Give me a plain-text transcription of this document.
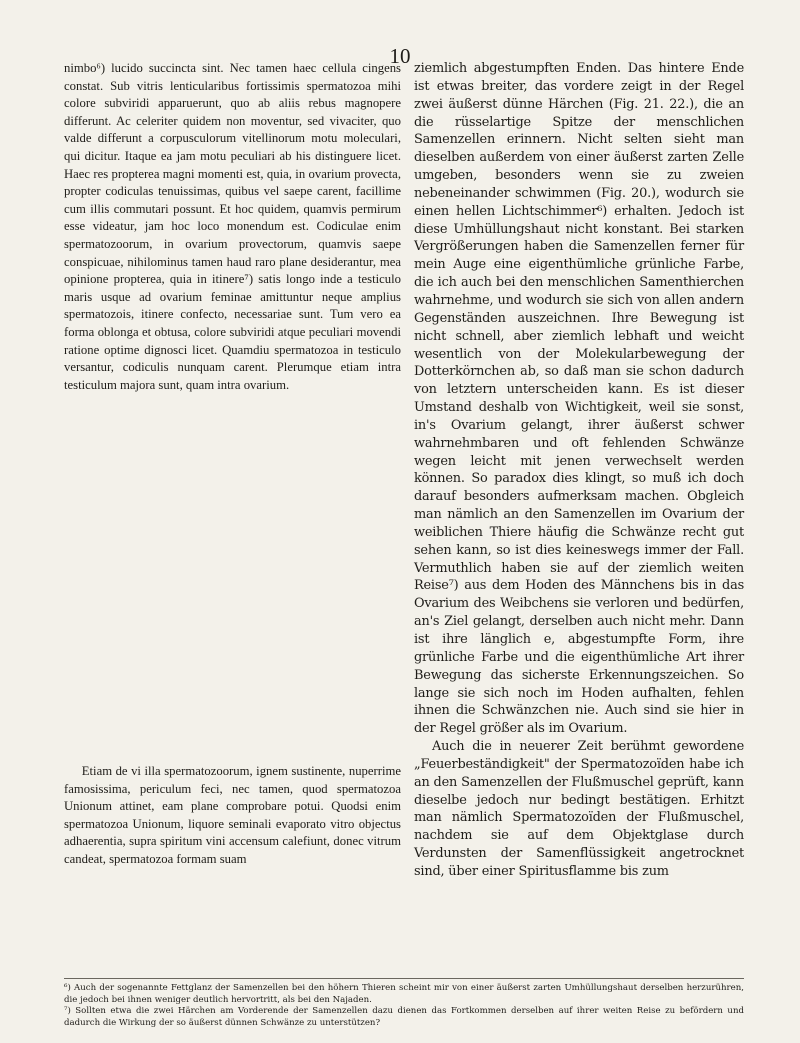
10

nimbo⁶) lucido succincta sint. Nec tamen haec cellula cingens constat. Sub vitris lenticularibus fortissimis spermatozoa mihi colore subviridi apparuerunt, quo ab aliis rebus magnopere differunt. Ac celeriter quidem non moventur, sed vivaciter, quo valde differunt a corpusculorum vitellinorum motu moleculari, qui dicitur. Itaque ea jam motu peculiari ab his distinguere licet. Haec res propterea magni momenti est, quia, in ovarium provecta, propter codiculas tenuissimas, quibus vel saepe carent, facillime cum illis commutari possunt. Et hoc quidem, quamvis permirum esse videatur, jam hoc loco monendum est. Codiculae enim spermatozoorum, in ovarium provectorum, quamvis saepe conspicuae, nihilominus tamen haud raro plane desiderantur, mea opinione propterea, quia in itinere⁷) satis longo inde a testiculo maris usque ad ovarium feminae amittuntur neque amplius spermatozois, itinere confecto, necessariae sunt. Tum vero ea forma oblonga et obtusa, colore subviridi atque peculiari movendi ratione optime dignosci licet. Quamdiu spermatozoa in testiculo versantur, codiculis nunquam carent. Plerumque etiam intra testiculum majora sunt, quam intra ovarium.

Etiam de vi illa spermatozoorum, ignem sustinente, nuperrime famosissima, periculum feci, nec tamen, quod spermatozoa Unionum attinet, eam plane comprobare potui. Quodsi enim spermatozoa Unionum, liquore seminali evaporato vitro objectus adhaerentia, supra spiritum vini accensum calefiunt, donec vitrum candeat, spermatozoa formam suam

ziemlich abgestumpften Enden. Das hintere Ende ist etwas breiter, das vordere zeigt in der Regel zwei äußerst dünne Härchen (Fig. 21. 22.), die an die rüsselartige Spitze der menschlichen Samenzellen erinnern. Nicht selten sieht man dieselben außerdem von einer äußerst zarten Zelle umgeben, besonders wenn sie zu zweien nebeneinander schwimmen (Fig. 20.), wodurch sie einen hellen Lichtschimmer⁶) erhalten. Jedoch ist diese Umhüllungshaut nicht konstant. Bei starken Vergrößerungen haben die Samenzellen ferner für mein Auge eine eigenthümliche grünliche Farbe, die ich auch bei den menschlichen Samenthierchen wahrnehme, und wodurch sie sich von allen andern Gegenständen auszeichnen. Ihre Bewegung ist nicht schnell, aber ziemlich lebhaft und weicht wesentlich von der Molekularbewegung der Dotterkörnchen ab, so daß man sie schon dadurch von letztern unterscheiden kann. Es ist dieser Umstand deshalb von Wichtigkeit, weil sie sonst, in's Ovarium gelangt, ihrer äußerst schwer wahrnehmbaren und oft fehlenden Schwänze wegen leicht mit jenen verwechselt werden können. So paradox dies klingt, so muß ich doch darauf besonders aufmerksam machen. Obgleich man nämlich an den Samenzellen im Ovarium der weiblichen Thiere häufig die Schwänze recht gut sehen kann, so ist dies keineswegs immer der Fall. Vermuthlich haben sie auf der ziemlich weiten Reise⁷) aus dem Hoden des Männchens bis in das Ovarium des Weibchens sie verloren und bedürfen, an's Ziel gelangt, derselben auch nicht mehr. Dann ist ihre länglich e, abgestumpfte Form, ihre grünliche Farbe und die eigenthümliche Art ihrer Bewegung das sicherste Erkennungszeichen. So lange sie sich noch im Hoden aufhalten, fehlen ihnen die Schwänzchen nie. Auch sind sie hier in der Regel größer als im Ovarium.

Auch die in neuerer Zeit berühmt gewordene „Feuerbeständigkeit" der Spermatozoïden habe ich an den Samenzellen der Flußmuschel geprüft, kann dieselbe jedoch nur bedingt bestätigen. Erhitzt man nämlich Spermatozoïden der Flußmuschel, nachdem sie auf dem Objektglase durch Verdunsten der Samenflüssigkeit angetrocknet sind, über einer Spiritusflamme bis zum

⁶) Auch der sogenannte Fettglanz der Samenzellen bei den höhern Thieren scheint mir von einer äußerst zarten Umhüllungshaut derselben herzurühren, die jedoch bei ihnen weniger deutlich hervortritt, als bei den Najaden.

⁷) Sollten etwa die zwei Härchen am Vorderende der Samenzellen dazu dienen das Fortkommen derselben auf ihrer weiten Reise zu befördern und dadurch die Wirkung der so äußerst dünnen Schwänze zu unterstützen?
